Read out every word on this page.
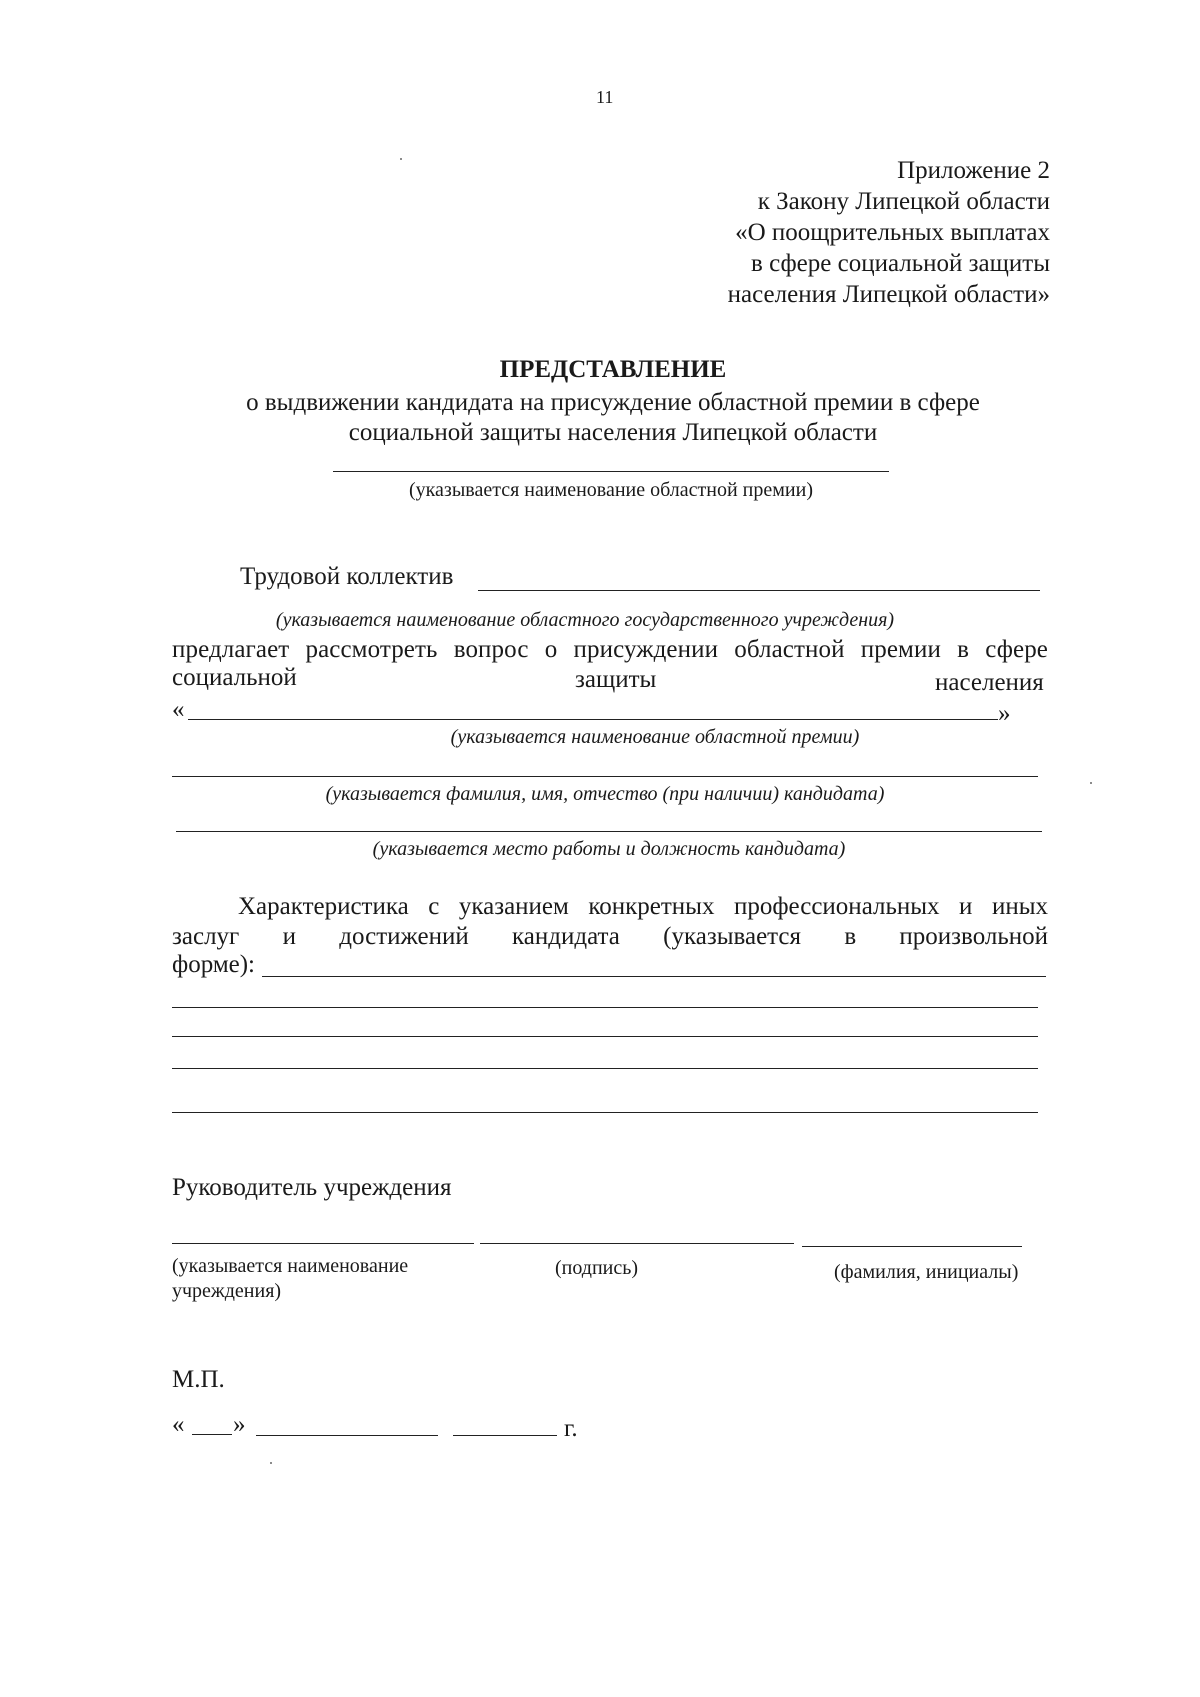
11
Приложение 2
к Закону Липецкой области
«О поощрительных выплатах
в сфере социальной защиты
населения Липецкой области»
ПРЕДСТАВЛЕНИЕ
о выдвижении кандидата на присуждение областной премии в сфере
социальной защиты населения Липецкой области
(указывается наименование областной премии)
Трудовой коллектив
(указывается наименование областного государственного учреждения)
предлагает рассмотреть вопрос о присуждении областной премии в сфере
социальной	защиты	населения
«	»
(указывается наименование областной премии)
(указывается фамилия, имя, отчество (при наличии) кандидата)
(указывается место работы и должность кандидата)
Характеристика с указанием конкретных профессиональных и иных
заслуг и достижений кандидата (указывается в произвольной
форме):
Руководитель учреждения
(указывается наименование
учреждения)
(подпись)	(фамилия, инициалы)
М.П.
« »	г.
